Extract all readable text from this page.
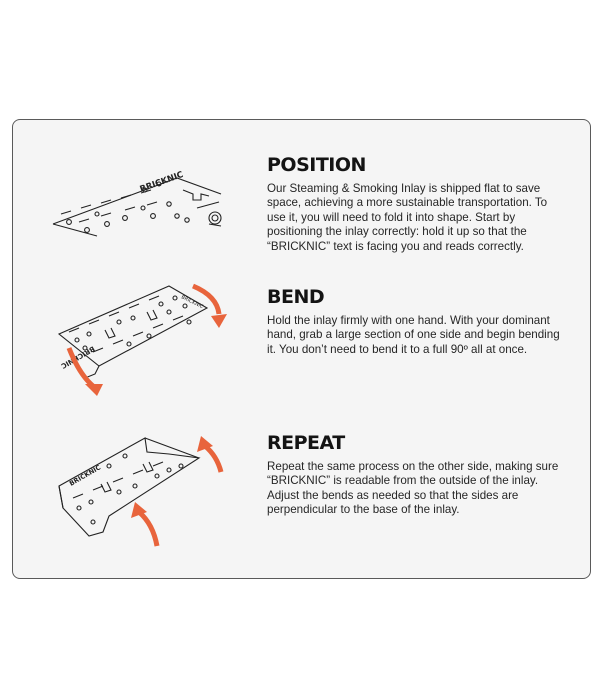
BRICKNIC
POSITION

Our Steaming & Smoking Inlay is shipped flat to save space, achieving a more sustainable transportation. To use it, you will need to fold it into shape. Start by positioning the inlay correctly: hold it up so that the “BRICKNIC” text is facing you and reads correctly.

BRICKNIC
BRICKNIC
BEND

Hold the inlay firmly with one hand. With your dominant hand, grab a large section of one side and begin bending it. You don’t need to bend it to a full 90º all at once.

BRICKNIC
REPEAT

Repeat the same process on the other side, making sure “BRICKNIC” is readable from the outside of the inlay. Adjust the bends as needed so that the sides are perpendicular to the base of the inlay.
